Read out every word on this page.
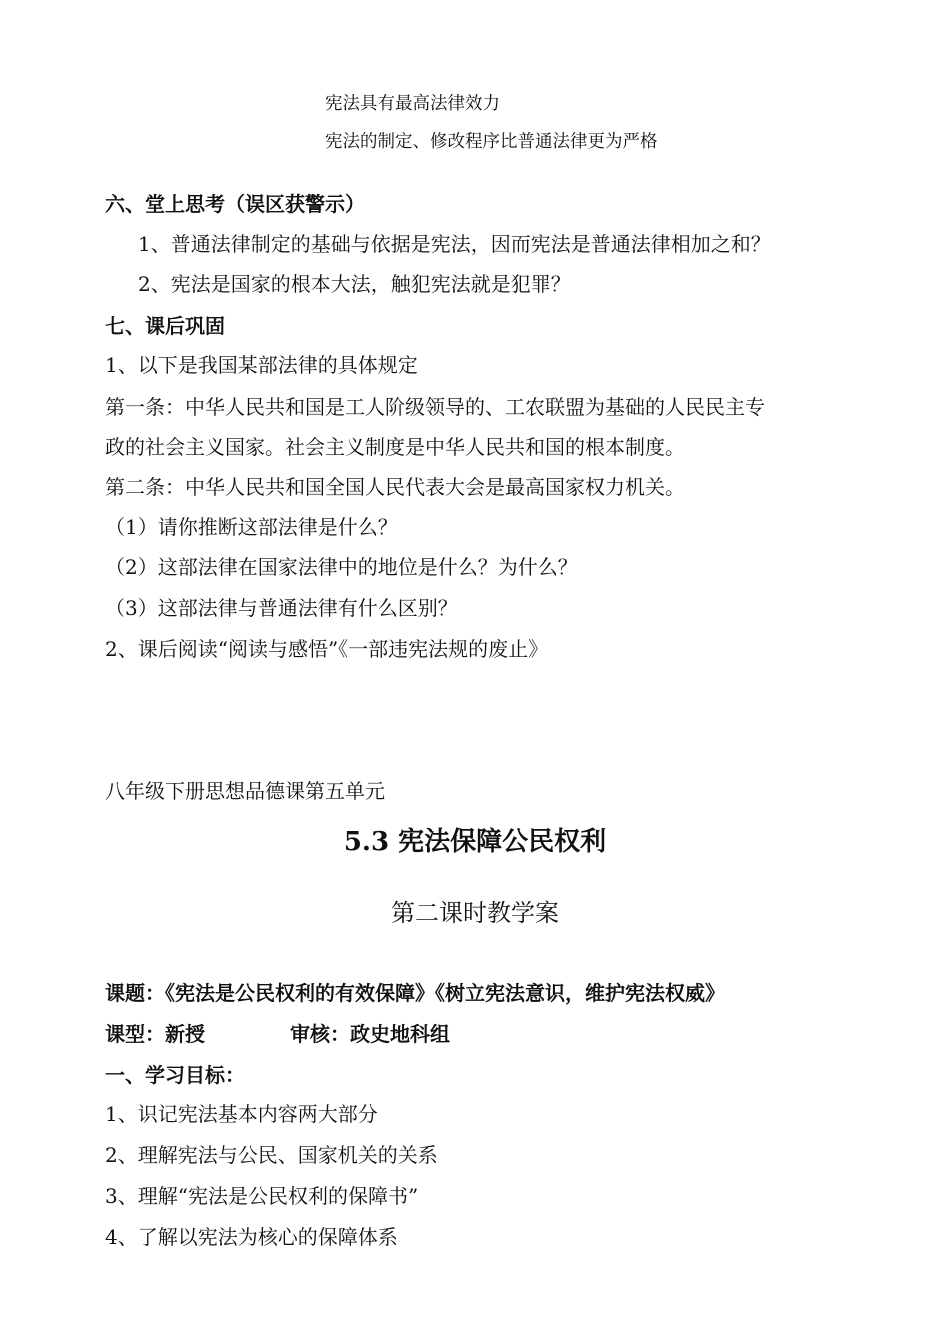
宪法具有最高法律效力

宪法的制定、修改程序比普通法律更为严格

六、堂上思考（误区获警示）

1、普通法律制定的基础与依据是宪法，因而宪法是普通法律相加之和？

2、宪法是国家的根本大法，触犯宪法就是犯罪？

七、课后巩固

1、以下是我国某部法律的具体规定

第一条：中华人民共和国是工人阶级领导的、工农联盟为基础的人民民主专

政的社会主义国家。社会主义制度是中华人民共和国的根本制度。

第二条：中华人民共和国全国人民代表大会是最高国家权力机关。

（1）请你推断这部法律是什么？

（2）这部法律在国家法律中的地位是什么？为什么？

（3）这部法律与普通法律有什么区别？

2、课后阅读“阅读与感悟”《一部违宪法规的废止》

八年级下册思想品德课第五单元

5.3 宪法保障公民权利

第二课时教学案

课题：《宪法是公民权利的有效保障》《树立宪法意识，维护宪法权威》

课型：新授	审核：政史地科组

一、学习目标：

1、识记宪法基本内容两大部分

2、理解宪法与公民、国家机关的关系

3、理解“宪法是公民权利的保障书”

4、了解以宪法为核心的保障体系
